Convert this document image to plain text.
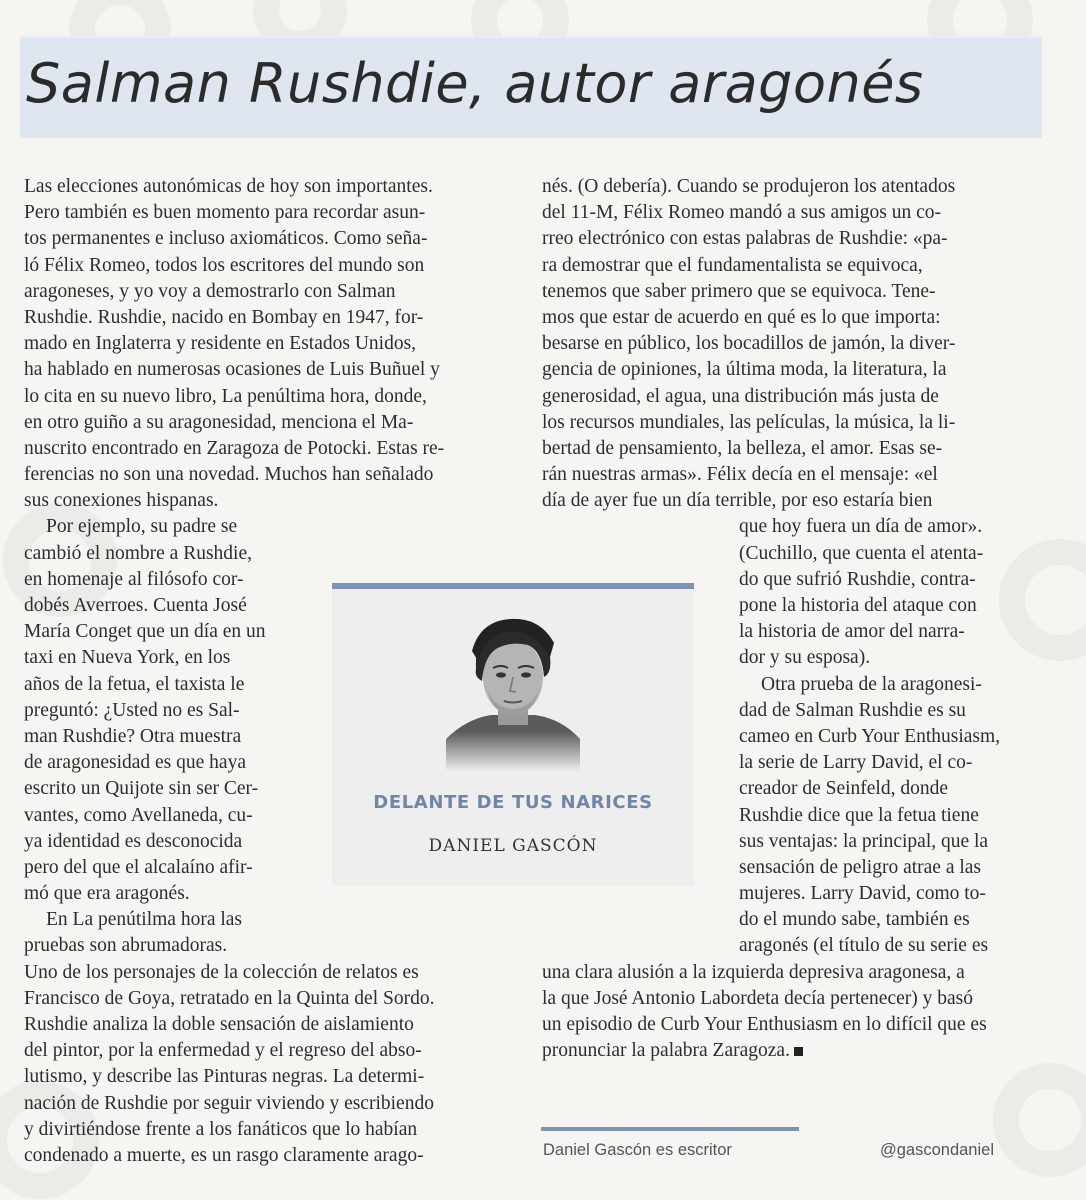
Salman Rushdie, autor aragonés
Las elecciones autonómicas de hoy son importantes.
Pero también es buen momento para recordar asun-
tos permanentes e incluso axiomáticos. Como seña-
ló Félix Romeo, todos los escritores del mundo son
aragoneses, y yo voy a demostrarlo con Salman
Rushdie. Rushdie, nacido en Bombay en 1947, for-
mado en Inglaterra y residente en Estados Unidos,
ha hablado en numerosas ocasiones de Luis Buñuel y
lo cita en su nuevo libro, La penúltima hora, donde,
en otro guiño a su aragonesidad, menciona el Ma-
nuscrito encontrado en Zaragoza de Potocki. Estas re-
ferencias no son una novedad. Muchos han señalado
sus conexiones hispanas.
Por ejemplo, su padre se
cambió el nombre a Rushdie,
en homenaje al filósofo cor-
dobés Averroes. Cuenta José
María Conget que un día en un
taxi en Nueva York, en los
años de la fetua, el taxista le
preguntó: ¿Usted no es Sal-
man Rushdie? Otra muestra
de aragonesidad es que haya
escrito un Quijote sin ser Cer-
vantes, como Avellaneda, cu-
ya identidad es desconocida
pero del que el alcalaíno afir-
mó que era aragonés.
En La penútilma hora las
pruebas son abrumadoras.
Uno de los personajes de la colección de relatos es
Francisco de Goya, retratado en la Quinta del Sordo.
Rushdie analiza la doble sensación de aislamiento
del pintor, por la enfermedad y el regreso del abso-
lutismo, y describe las Pinturas negras. La determi-
nación de Rushdie por seguir viviendo y escribiendo
y divirtiéndose frente a los fanáticos que lo habían
condenado a muerte, es un rasgo claramente arago-
nés. (O debería). Cuando se produjeron los atentados
del 11-M, Félix Romeo mandó a sus amigos un co-
rreo electrónico con estas palabras de Rushdie: «pa-
ra demostrar que el fundamentalista se equivoca,
tenemos que saber primero que se equivoca. Tene-
mos que estar de acuerdo en qué es lo que importa:
besarse en público, los bocadillos de jamón, la diver-
gencia de opiniones, la última moda, la literatura, la
generosidad, el agua, una distribución más justa de
los recursos mundiales, las películas, la música, la li-
bertad de pensamiento, la belleza, el amor. Esas se-
rán nuestras armas». Félix decía en el mensaje: «el
día de ayer fue un día terrible, por eso estaría bien
que hoy fuera un día de amor».
(Cuchillo, que cuenta el atenta-
do que sufrió Rushdie, contra-
pone la historia del ataque con
la historia de amor del narra-
dor y su esposa).
Otra prueba de la aragonesi-
dad de Salman Rushdie es su
cameo en Curb Your Enthusiasm,
la serie de Larry David, el co-
creador de Seinfeld, donde
Rushdie dice que la fetua tiene
sus ventajas: la principal, que la
sensación de peligro atrae a las
mujeres. Larry David, como to-
do el mundo sabe, también es
aragonés (el título de su serie es
una clara alusión a la izquierda depresiva aragonesa, a
la que José Antonio Labordeta decía pertenecer) y basó
un episodio de Curb Your Enthusiasm en lo difícil que es
pronunciar la palabra Zaragoza.
DELANTE DE TUS NARICES
DANIEL GASCÓN
Daniel Gascón es escritor	@gascondaniel
